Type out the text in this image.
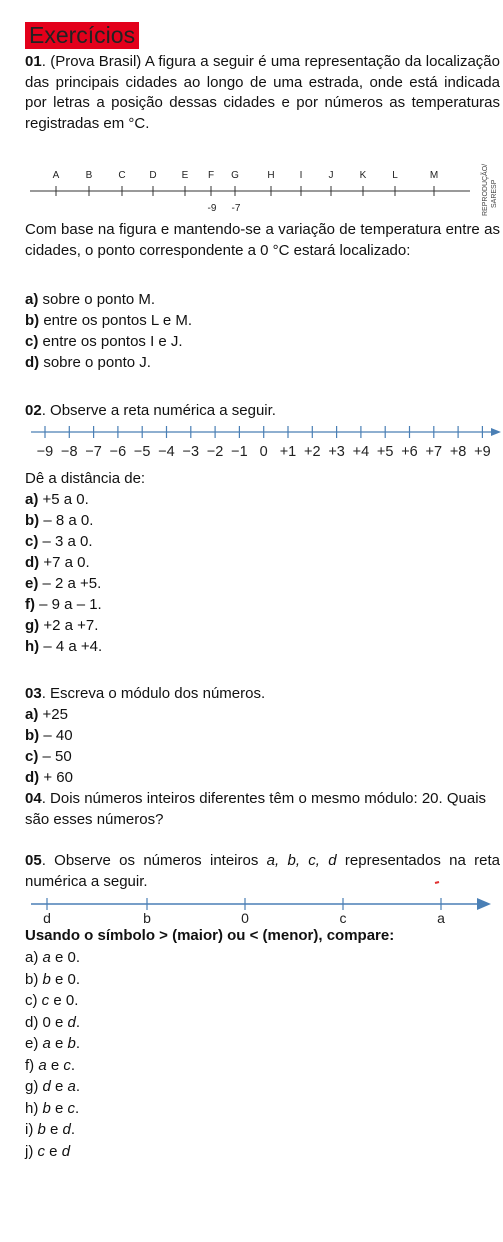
Exercícios
01. (Prova Brasil) A figura a seguir é uma representação da localização das principais cidades ao longo de uma estrada, onde está indicada por letras a posição dessas cidades e por números as temperaturas registradas em °C.
A	B	C D	E F G	H I	J	K	L	M
-9 -7	REPRODUÇÃO/ SARESP
Com base na figura e mantendo-se a variação de temperatura entre as cidades, o ponto correspondente a 0 °C estará localizado:
a) sobre o ponto M.
b) entre os pontos L e M.
c) entre os pontos I e J.
d) sobre o ponto J.
02. Observe a reta numérica a seguir.
−9 −8 −7 −6 −5 −4 −3 −2 −1 0 +1 +2 +3 +4 +5 +6 +7 +8 +9
Dê a distância de:
a) +5 a 0.
b) – 8 a 0.
c) – 3 a 0.
d) +7 a 0.
e) – 2 a +5.
f) – 9 a – 1.
g) +2 a +7.
h) – 4 a +4.
03. Escreva o módulo dos números.
a) +25
b) – 40
c) – 50
d) + 60
04. Dois números inteiros diferentes têm o mesmo módulo: 20. Quais são esses números?
05. Observe os números inteiros a, b, c, d representados na reta numérica a seguir.
d	b	0	c	a
Usando o símbolo > (maior) ou < (menor), compare:
a) a e 0.
b) b e 0.
c) c e 0.
d) 0 e d.
e) a e b.
f) a e c.
g) d e a.
h) b e c.
i) b e d.
j) c e d
